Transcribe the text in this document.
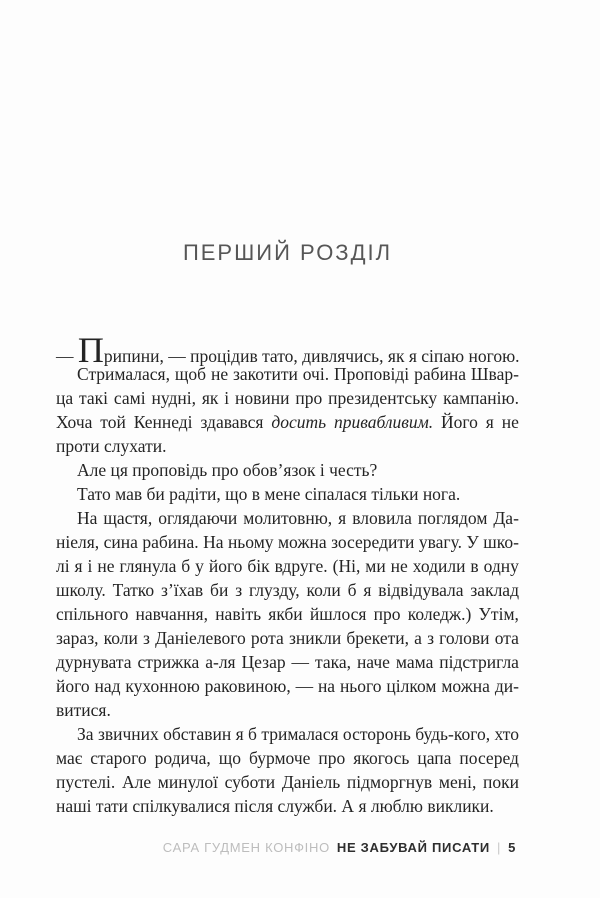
ПЕРШИЙ РОЗДІЛ
— Припини, — процідив тато, дивлячись, як я сіпаю ногою.
Стрималася, щоб не закотити очі. Проповіді рабина Швар-
ца такі самі нудні, як і новини про президентську кампанію.
Хоча той Кеннеді здавався досить привабливим. Його я не
проти слухати.
Але ця проповідь про обов’язок і честь?
Тато мав би радіти, що в мене сіпалася тільки нога.
На щастя, оглядаючи молитовню, я вловила поглядом Да-
ніеля, сина рабина. На ньому можна зосередити увагу. У шко-
лі я і не глянула б у його бік вдруге. (Ні, ми не ходили в одну
школу. Татко з’їхав би з глузду, коли б я відвідувала заклад
спільного навчання, навіть якби йшлося про коледж.) Утім,
зараз, коли з Даніелевого рота зникли брекети, а з голови ота
дурнувата стрижка а-ля Цезар — така, наче мама підстригла
його над кухонною раковиною, — на нього цілком можна ди-
витися.
За звичних обставин я б трималася осторонь будь-кого, хто
має старого родича, що бурмоче про якогось цапа посеред
пустелі. Але минулої суботи Даніель підморгнув мені, поки
наші тати спілкувалися після служби. А я люблю виклики.
САРА ГУДМЕН КОНФІНО НЕ ЗАБУВАЙ ПИСАТИ | 5
